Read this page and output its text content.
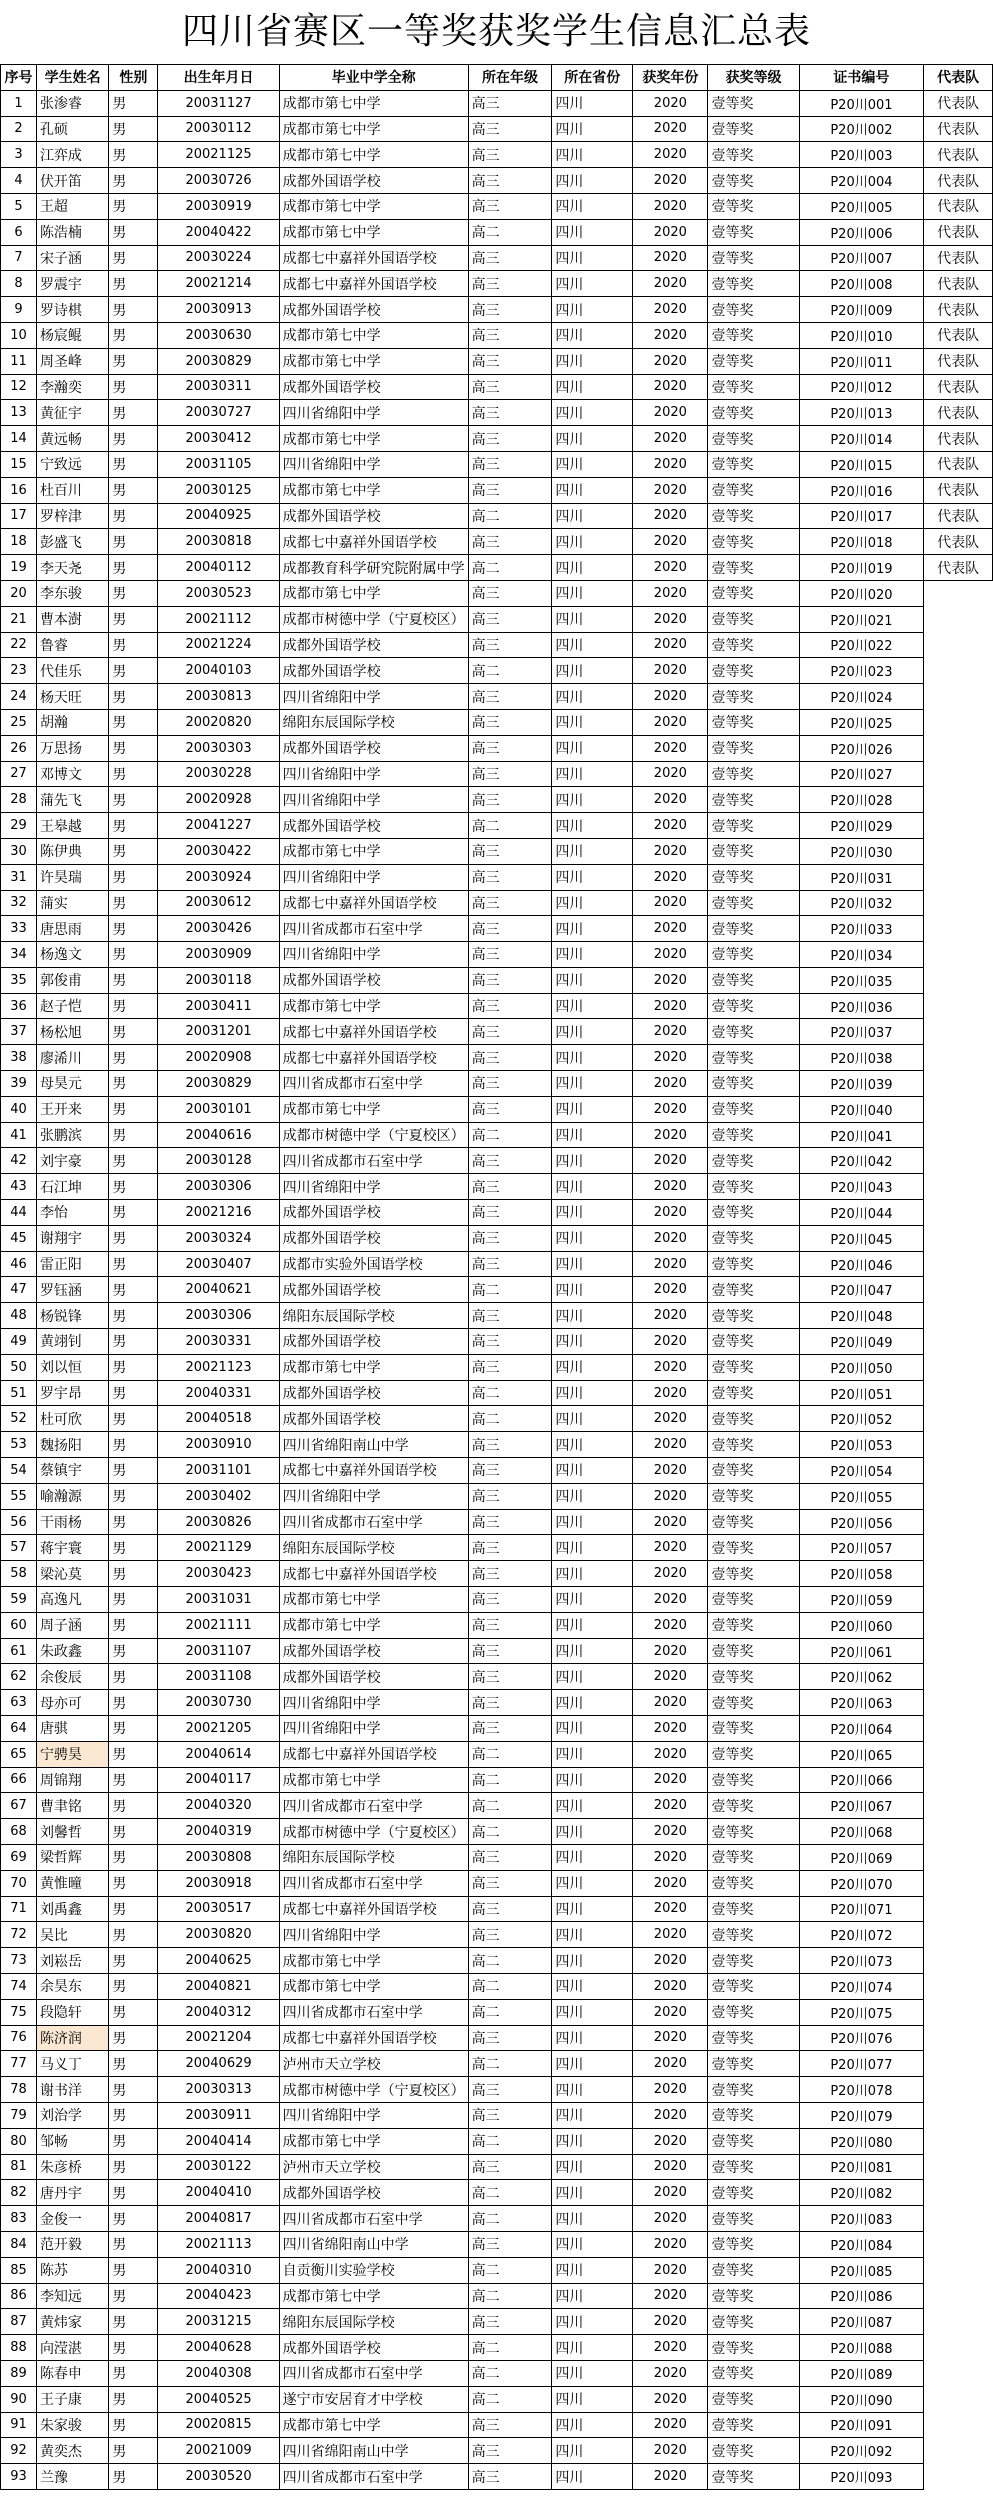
四川省赛区一等奖获奖学生信息汇总表
序号	学生姓名	性别	出生年月日	毕业中学全称	所在年级	所在省份	获奖年份	获奖等级	证书编号	代表队
1	张渗睿	男	20031127	成都市第七中学	高三	四川	2020	壹等奖	P20川001	代表队
2	孔硕	男	20030112	成都市第七中学	高三	四川	2020	壹等奖	P20川002	代表队
3	江弈成	男	20021125	成都市第七中学	高三	四川	2020	壹等奖	P20川003	代表队
4	伏开笛	男	20030726	成都外国语学校	高三	四川	2020	壹等奖	P20川004	代表队
5	王超	男	20030919	成都市第七中学	高三	四川	2020	壹等奖	P20川005	代表队
6	陈浩楠	男	20040422	成都市第七中学	高二	四川	2020	壹等奖	P20川006	代表队
7	宋子涵	男	20030224	成都七中嘉祥外国语学校	高三	四川	2020	壹等奖	P20川007	代表队
8	罗震宇	男	20021214	成都七中嘉祥外国语学校	高三	四川	2020	壹等奖	P20川008	代表队
9	罗诗棋	男	20030913	成都外国语学校	高三	四川	2020	壹等奖	P20川009	代表队
10	杨宸鲲	男	20030630	成都市第七中学	高三	四川	2020	壹等奖	P20川010	代表队
11	周圣峰	男	20030829	成都市第七中学	高三	四川	2020	壹等奖	P20川011	代表队
12	李瀚奕	男	20030311	成都外国语学校	高三	四川	2020	壹等奖	P20川012	代表队
13	黄征宇	男	20030727	四川省绵阳中学	高三	四川	2020	壹等奖	P20川013	代表队
14	黄远畅	男	20030412	成都市第七中学	高三	四川	2020	壹等奖	P20川014	代表队
15	宁致远	男	20031105	四川省绵阳中学	高三	四川	2020	壹等奖	P20川015	代表队
16	杜百川	男	20030125	成都市第七中学	高三	四川	2020	壹等奖	P20川016	代表队
17	罗梓津	男	20040925	成都外国语学校	高二	四川	2020	壹等奖	P20川017	代表队
18	彭盛飞	男	20030818	成都七中嘉祥外国语学校	高三	四川	2020	壹等奖	P20川018	代表队
19	李天尧	男	20040112	成都教育科学研究院附属中学	高二	四川	2020	壹等奖	P20川019	代表队
20	李东骏	男	20030523	成都市第七中学	高三	四川	2020	壹等奖	P20川020	
21	曹本澍	男	20021112	成都市树德中学（宁夏校区）	高三	四川	2020	壹等奖	P20川021	
22	鲁睿	男	20021224	成都外国语学校	高三	四川	2020	壹等奖	P20川022	
23	代佳乐	男	20040103	成都外国语学校	高二	四川	2020	壹等奖	P20川023	
24	杨天旺	男	20030813	四川省绵阳中学	高三	四川	2020	壹等奖	P20川024	
25	胡瀚	男	20020820	绵阳东辰国际学校	高三	四川	2020	壹等奖	P20川025	
26	万思扬	男	20030303	成都外国语学校	高三	四川	2020	壹等奖	P20川026	
27	邓博文	男	20030228	四川省绵阳中学	高三	四川	2020	壹等奖	P20川027	
28	蒲先飞	男	20020928	四川省绵阳中学	高三	四川	2020	壹等奖	P20川028	
29	王皋越	男	20041227	成都外国语学校	高二	四川	2020	壹等奖	P20川029	
30	陈伊典	男	20030422	成都市第七中学	高三	四川	2020	壹等奖	P20川030	
31	许昊瑞	男	20030924	四川省绵阳中学	高三	四川	2020	壹等奖	P20川031	
32	蒲实	男	20030612	成都七中嘉祥外国语学校	高三	四川	2020	壹等奖	P20川032	
33	唐思雨	男	20030426	四川省成都市石室中学	高三	四川	2020	壹等奖	P20川033	
34	杨逸文	男	20030909	四川省绵阳中学	高三	四川	2020	壹等奖	P20川034	
35	郭俊甫	男	20030118	成都外国语学校	高三	四川	2020	壹等奖	P20川035	
36	赵子恺	男	20030411	成都市第七中学	高三	四川	2020	壹等奖	P20川036	
37	杨松旭	男	20031201	成都七中嘉祥外国语学校	高三	四川	2020	壹等奖	P20川037	
38	廖浠川	男	20020908	成都七中嘉祥外国语学校	高三	四川	2020	壹等奖	P20川038	
39	母昊元	男	20030829	四川省成都市石室中学	高三	四川	2020	壹等奖	P20川039	
40	王开来	男	20030101	成都市第七中学	高三	四川	2020	壹等奖	P20川040	
41	张鹏滨	男	20040616	成都市树德中学（宁夏校区）	高二	四川	2020	壹等奖	P20川041	
42	刘宇豪	男	20030128	四川省成都市石室中学	高三	四川	2020	壹等奖	P20川042	
43	石江坤	男	20030306	四川省绵阳中学	高三	四川	2020	壹等奖	P20川043	
44	李怡	男	20021216	成都外国语学校	高三	四川	2020	壹等奖	P20川044	
45	谢翔宇	男	20030324	成都外国语学校	高三	四川	2020	壹等奖	P20川045	
46	雷正阳	男	20030407	成都市实验外国语学校	高三	四川	2020	壹等奖	P20川046	
47	罗钰涵	男	20040621	成都外国语学校	高二	四川	2020	壹等奖	P20川047	
48	杨锐锋	男	20030306	绵阳东辰国际学校	高三	四川	2020	壹等奖	P20川048	
49	黄翊钊	男	20030331	成都外国语学校	高三	四川	2020	壹等奖	P20川049	
50	刘以恒	男	20021123	成都市第七中学	高三	四川	2020	壹等奖	P20川050	
51	罗宇昂	男	20040331	成都外国语学校	高二	四川	2020	壹等奖	P20川051	
52	杜可欣	男	20040518	成都外国语学校	高二	四川	2020	壹等奖	P20川052	
53	魏扬阳	男	20030910	四川省绵阳南山中学	高三	四川	2020	壹等奖	P20川053	
54	蔡镇宇	男	20031101	成都七中嘉祥外国语学校	高三	四川	2020	壹等奖	P20川054	
55	喻瀚源	男	20030402	四川省绵阳中学	高三	四川	2020	壹等奖	P20川055	
56	干雨杨	男	20030826	四川省成都市石室中学	高三	四川	2020	壹等奖	P20川056	
57	蒋宇寰	男	20021129	绵阳东辰国际学校	高三	四川	2020	壹等奖	P20川057	
58	梁沁莫	男	20030423	成都七中嘉祥外国语学校	高三	四川	2020	壹等奖	P20川058	
59	高逸凡	男	20031031	成都市第七中学	高三	四川	2020	壹等奖	P20川059	
60	周子涵	男	20021111	成都市第七中学	高三	四川	2020	壹等奖	P20川060	
61	朱政鑫	男	20031107	成都外国语学校	高三	四川	2020	壹等奖	P20川061	
62	余俊辰	男	20031108	成都外国语学校	高三	四川	2020	壹等奖	P20川062	
63	母亦可	男	20030730	四川省绵阳中学	高三	四川	2020	壹等奖	P20川063	
64	唐骐	男	20021205	四川省绵阳中学	高三	四川	2020	壹等奖	P20川064	
65	宁骋昊	男	20040614	成都七中嘉祥外国语学校	高二	四川	2020	壹等奖	P20川065	
66	周锦翔	男	20040117	成都市第七中学	高二	四川	2020	壹等奖	P20川066	
67	曹聿铭	男	20040320	四川省成都市石室中学	高二	四川	2020	壹等奖	P20川067	
68	刘馨哲	男	20040319	成都市树德中学（宁夏校区）	高二	四川	2020	壹等奖	P20川068	
69	梁哲辉	男	20030808	绵阳东辰国际学校	高三	四川	2020	壹等奖	P20川069	
70	黄惟曈	男	20030918	四川省成都市石室中学	高三	四川	2020	壹等奖	P20川070	
71	刘禹鑫	男	20030517	成都七中嘉祥外国语学校	高三	四川	2020	壹等奖	P20川071	
72	吴比	男	20030820	四川省绵阳中学	高三	四川	2020	壹等奖	P20川072	
73	刘崧岳	男	20040625	成都市第七中学	高二	四川	2020	壹等奖	P20川073	
74	余昊东	男	20040821	成都市第七中学	高二	四川	2020	壹等奖	P20川074	
75	段隐轩	男	20040312	四川省成都市石室中学	高二	四川	2020	壹等奖	P20川075	
76	陈济润	男	20021204	成都七中嘉祥外国语学校	高三	四川	2020	壹等奖	P20川076	
77	马义丁	男	20040629	泸州市天立学校	高二	四川	2020	壹等奖	P20川077	
78	谢书洋	男	20030313	成都市树德中学（宁夏校区）	高三	四川	2020	壹等奖	P20川078	
79	刘治学	男	20030911	四川省绵阳中学	高三	四川	2020	壹等奖	P20川079	
80	邹畅	男	20040414	成都市第七中学	高二	四川	2020	壹等奖	P20川080	
81	朱彦桥	男	20030122	泸州市天立学校	高三	四川	2020	壹等奖	P20川081	
82	唐丹宇	男	20040410	成都外国语学校	高二	四川	2020	壹等奖	P20川082	
83	金俊一	男	20040817	四川省成都市石室中学	高二	四川	2020	壹等奖	P20川083	
84	范开毅	男	20021113	四川省绵阳南山中学	高三	四川	2020	壹等奖	P20川084	
85	陈苏	男	20040310	自贡衡川实验学校	高二	四川	2020	壹等奖	P20川085	
86	李知远	男	20040423	成都市第七中学	高二	四川	2020	壹等奖	P20川086	
87	黄炜家	男	20031215	绵阳东辰国际学校	高三	四川	2020	壹等奖	P20川087	
88	向滢湛	男	20040628	成都外国语学校	高二	四川	2020	壹等奖	P20川088	
89	陈春申	男	20040308	四川省成都市石室中学	高二	四川	2020	壹等奖	P20川089	
90	王子康	男	20040525	遂宁市安居育才中学校	高二	四川	2020	壹等奖	P20川090	
91	朱家骏	男	20020815	成都市第七中学	高三	四川	2020	壹等奖	P20川091	
92	黄奕杰	男	20021009	四川省绵阳南山中学	高三	四川	2020	壹等奖	P20川092	
93	兰豫	男	20030520	四川省成都市石室中学	高三	四川	2020	壹等奖	P20川093	
